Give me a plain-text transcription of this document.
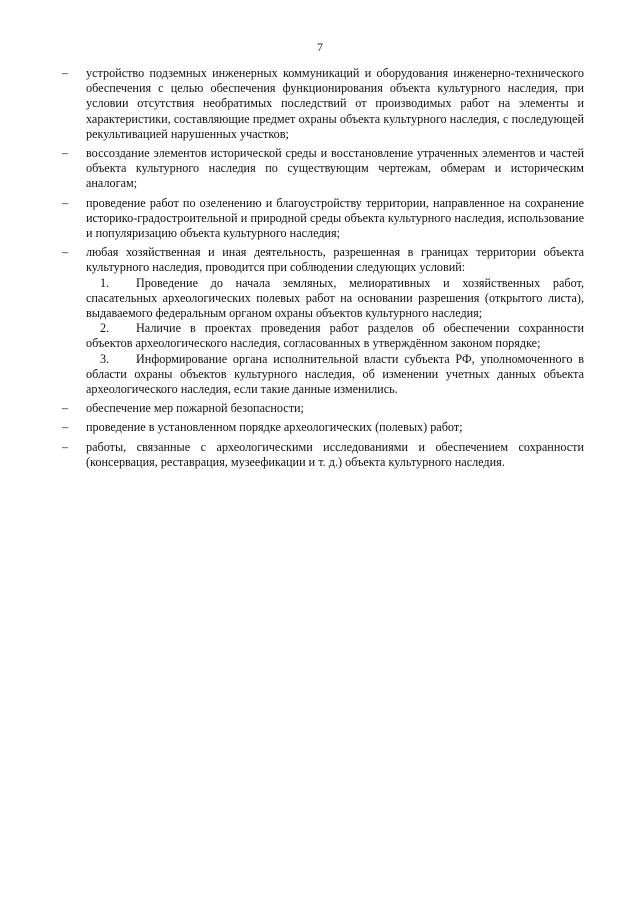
7
– устройство подземных инженерных коммуникаций и оборудования инженерно-технического обеспечения с целью обеспечения функционирования объекта культурного наследия, при условии отсутствия необратимых последствий от производимых работ на элементы и характеристики, составляющие предмет охраны объекта культурного наследия, с последующей рекультивацией нарушенных участков;
– воссоздание элементов исторической среды и восстановление утраченных элементов и частей объекта культурного наследия по существующим чертежам, обмерам и историческим аналогам;
– проведение работ по озеленению и благоустройству территории, направленное на сохранение историко-градостроительной и природной среды объекта культурного наследия, использование и популяризацию объекта культурного наследия;
– любая хозяйственная и иная деятельность, разрешенная в границах территории объекта культурного наследия, проводится при соблюдении следующих условий:
1. Проведение до начала земляных, мелиоративных и хозяйственных работ, спасательных археологических полевых работ на основании разрешения (открытого листа), выдаваемого федеральным органом охраны объектов культурного наследия;
2. Наличие в проектах проведения работ разделов об обеспечении сохранности объектов археологического наследия, согласованных в утверждённом законом порядке;
3. Информирование органа исполнительной власти субъекта РФ, уполномоченного в области охраны объектов культурного наследия, об изменении учетных данных объекта археологического наследия, если такие данные изменились.
– обеспечение мер пожарной безопасности;
– проведение в установленном порядке археологических (полевых) работ;
– работы, связанные с археологическими исследованиями и обеспечением сохранности (консервация, реставрация, музеефикации и т. д.) объекта культурного наследия.
